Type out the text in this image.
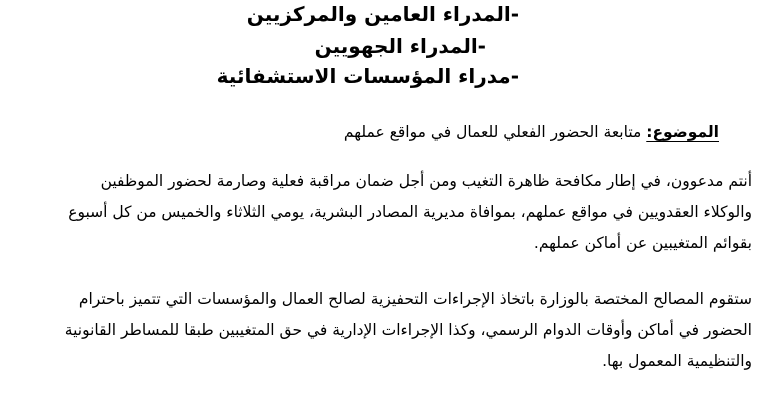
-المدراء العامين والمركزيين
-المدراء الجهويين
-مدراء المؤسسات الاستشفائية
الموضوع: متابعة الحضور الفعلي للعمال في مواقع عملهم
أنتم مدعوون، في إطار مكافحة ظاهرة التغيب ومن أجل ضمان مراقبة فعلية وصارمة لحضور الموظفين
والوكلاء العقدويين في مواقع عملهم، بموافاة مديرية المصادر البشرية، يومي الثلاثاء والخميس من كل أسبوع
بقوائم المتغيبين عن أماكن عملهم.
ستقوم المصالح المختصة بالوزارة باتخاذ الإجراءات التحفيزية لصالح العمال والمؤسسات التي تتميز باحترام
الحضور في أماكن وأوقات الدوام الرسمي، وكذا الإجراءات الإدارية في حق المتغيبين طبقا للمساطر القانونية
والتنظيمية المعمول بها.
